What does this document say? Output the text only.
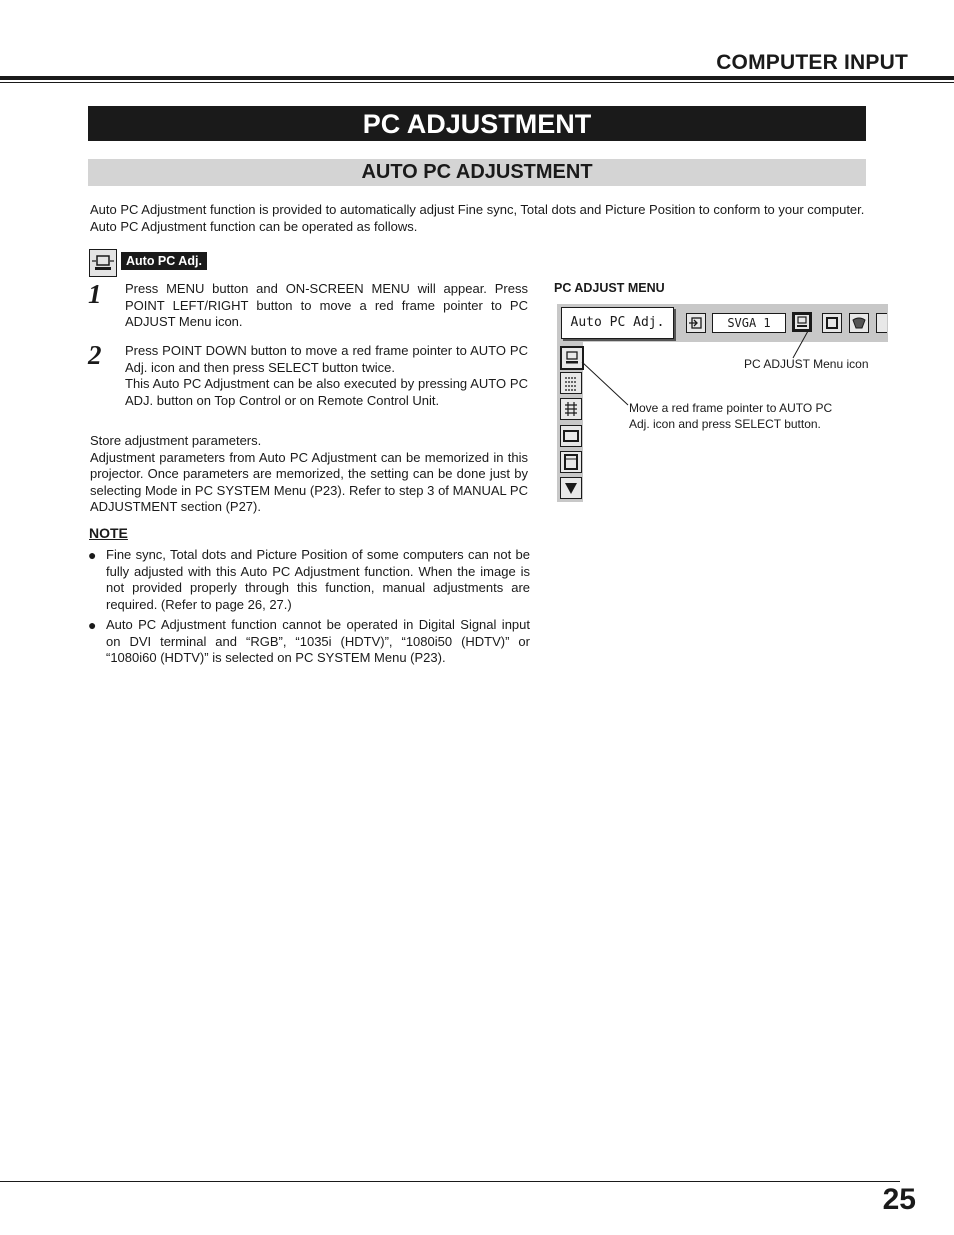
COMPUTER INPUT
PC ADJUSTMENT
AUTO PC ADJUSTMENT
Auto PC Adjustment function is provided to automatically adjust Fine sync, Total dots and Picture Position to conform to your computer. Auto PC Adjustment function can be operated as follows.
Auto PC Adj.
1 Press MENU button and ON-SCREEN MENU will appear. Press POINT LEFT/RIGHT button to move a red frame pointer to PC ADJUST Menu icon.
2 Press POINT DOWN button to move a red frame pointer to AUTO PC Adj. icon and then press SELECT button twice.
This Auto PC Adjustment can be also executed by pressing AUTO PC ADJ. button on Top Control or on Remote Control Unit.
Store adjustment parameters.
Adjustment parameters from Auto PC Adjustment can be memorized in this projector. Once parameters are memorized, the setting can be done just by selecting Mode in PC SYSTEM Menu (P23). Refer to step 3 of MANUAL PC ADJUSTMENT section (P27).
NOTE
● Fine sync, Total dots and Picture Position of some computers can not be fully adjusted with this Auto PC Adjustment function. When the image is not provided properly through this function, manual adjustments are required. (Refer to page 26, 27.)
● Auto PC Adjustment function cannot be operated in Digital Signal input on DVI terminal and “RGB”, “1035i (HDTV)”, “1080i50 (HDTV)” or “1080i60 (HDTV)” is selected on PC SYSTEM Menu (P23).
PC ADJUST MENU
Auto PC Adj.	SVGA 1
PC ADJUST Menu icon
Move a red frame pointer to AUTO PC Adj. icon and press SELECT button.
25
